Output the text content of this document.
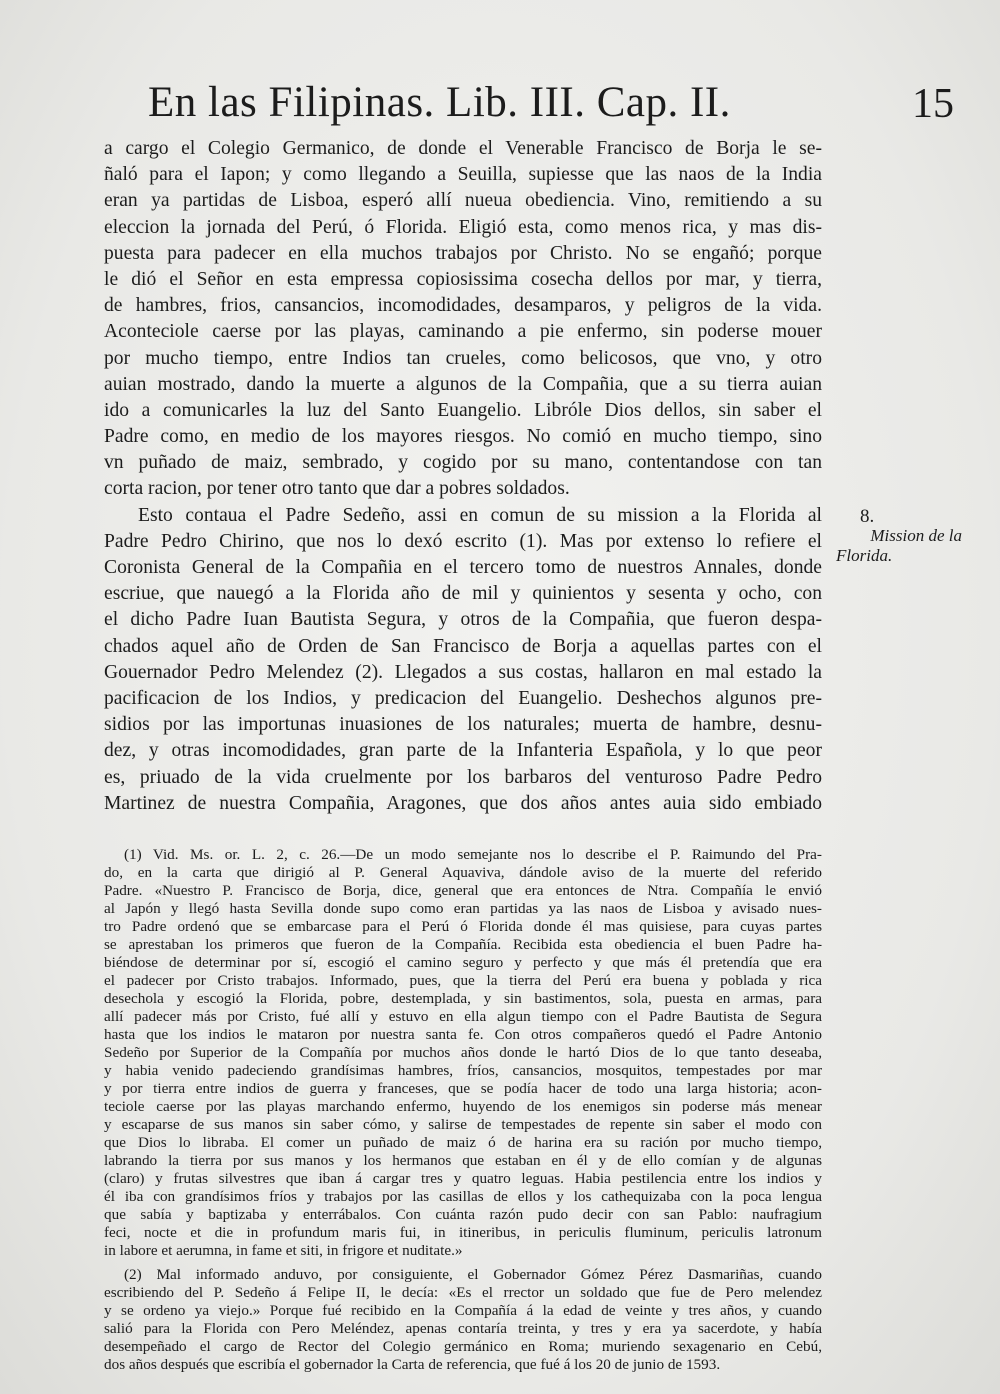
En las Filipinas. Lib. III. Cap. II.	15
a cargo el Colegio Germanico, de donde el Venerable Francisco de Borja le se-
ñaló para el Iapon; y como llegando a Seuilla, supiesse que las naos de la India
eran ya partidas de Lisboa, esperó allí nueua obediencia. Vino, remitiendo a su
eleccion la jornada del Perú, ó Florida. Eligió esta, como menos rica, y mas dis-
puesta para padecer en ella muchos trabajos por Christo. No se engañó; porque
le dió el Señor en esta empressa copiosissima cosecha dellos por mar, y tierra,
de hambres, frios, cansancios, incomodidades, desamparos, y peligros de la vida.
Aconteciole caerse por las playas, caminando a pie enfermo, sin poderse mouer
por mucho tiempo, entre Indios tan crueles, como belicosos, que vno, y otro
auian mostrado, dando la muerte a algunos de la Compañia, que a su tierra auian
ido a comunicarles la luz del Santo Euangelio. Libróle Dios dellos, sin saber el
Padre como, en medio de los mayores riesgos. No comió en mucho tiempo, sino
vn puñado de maiz, sembrado, y cogido por su mano, contentandose con tan
corta racion, por tener otro tanto que dar a pobres soldados.
Esto contaua el Padre Sedeño, assi en comun de su mission a la Florida al
Padre Pedro Chirino, que nos lo dexó escrito (1). Mas por extenso lo refiere el
Coronista General de la Compañia en el tercero tomo de nuestros Annales, donde
escriue, que nauegó a la Florida año de mil y quinientos y sesenta y ocho, con
el dicho Padre Iuan Bautista Segura, y otros de la Compañia, que fueron despa-
chados aquel año de Orden de San Francisco de Borja a aquellas partes con el
Gouernador Pedro Melendez (2). Llegados a sus costas, hallaron en mal estado la
pacificacion de los Indios, y predicacion del Euangelio. Deshechos algunos pre-
sidios por las importunas inuasiones de los naturales; muerta de hambre, desnu-
dez, y otras incomodidades, gran parte de la Infanteria Española, y lo que peor
es, priuado de la vida cruelmente por los barbaros del venturoso Padre Pedro
Martinez de nuestra Compañia, Aragones, que dos años antes auia sido embiado
8.
Mission de la
Florida.
(1) Vid. Ms. or. L. 2, c. 26.—De un modo semejante nos lo describe el P. Raimundo del Pra-
do, en la carta que dirigió al P. General Aquaviva, dándole aviso de la muerte del referido
Padre. «Nuestro P. Francisco de Borja, dice, general que era entonces de Ntra. Compañía le envió
al Japón y llegó hasta Sevilla donde supo como eran partidas ya las naos de Lisboa y avisado nues-
tro Padre ordenó que se embarcase para el Perú ó Florida donde él mas quisiese, para cuyas partes
se aprestaban los primeros que fueron de la Compañía. Recibida esta obediencia el buen Padre ha-
biéndose de determinar por sí, escogió el camino seguro y perfecto y que más él pretendía que era
el padecer por Cristo trabajos. Informado, pues, que la tierra del Perú era buena y poblada y rica
desechola y escogió la Florida, pobre, destemplada, y sin bastimentos, sola, puesta en armas, para
allí padecer más por Cristo, fué allí y estuvo en ella algun tiempo con el Padre Bautista de Segura
hasta que los indios le mataron por nuestra santa fe. Con otros compañeros quedó el Padre Antonio
Sedeño por Superior de la Compañía por muchos años donde le hartó Dios de lo que tanto deseaba,
y habia venido padeciendo grandísimas hambres, fríos, cansancios, mosquitos, tempestades por mar
y por tierra entre indios de guerra y franceses, que se podía hacer de todo una larga historia; acon-
teciole caerse por las playas marchando enfermo, huyendo de los enemigos sin poderse más menear
y escaparse de sus manos sin saber cómo, y salirse de tempestades de repente sin saber el modo con
que Dios lo libraba. El comer un puñado de maiz ó de harina era su ración por mucho tiempo,
labrando la tierra por sus manos y los hermanos que estaban en él y de ello comían y de algunas
(claro) y frutas silvestres que iban á cargar tres y quatro leguas. Habia pestilencia entre los indios y
él iba con grandísimos fríos y trabajos por las casillas de ellos y los cathequizaba con la poca lengua
que sabía y baptizaba y enterrábalos. Con cuánta razón pudo decir con san Pablo: naufragium
feci, nocte et die in profundum maris fui, in itineribus, in periculis fluminum, periculis latronum
in labore et aerumna, in fame et siti, in frigore et nuditate.»
(2) Mal informado anduvo, por consiguiente, el Gobernador Gómez Pérez Dasmariñas, cuando
escribiendo del P. Sedeño á Felipe II, le decía: «Es el rrector un soldado que fue de Pero melendez
y se ordeno ya viejo.» Porque fué recibido en la Compañía á la edad de veinte y tres años, y cuando
salió para la Florida con Pero Meléndez, apenas contaría treinta, y tres y era ya sacerdote, y había
desempeñado el cargo de Rector del Colegio germánico en Roma; muriendo sexagenario en Cebú,
dos años después que escribía el gobernador la Carta de referencia, que fué á los 20 de junio de 1593.
